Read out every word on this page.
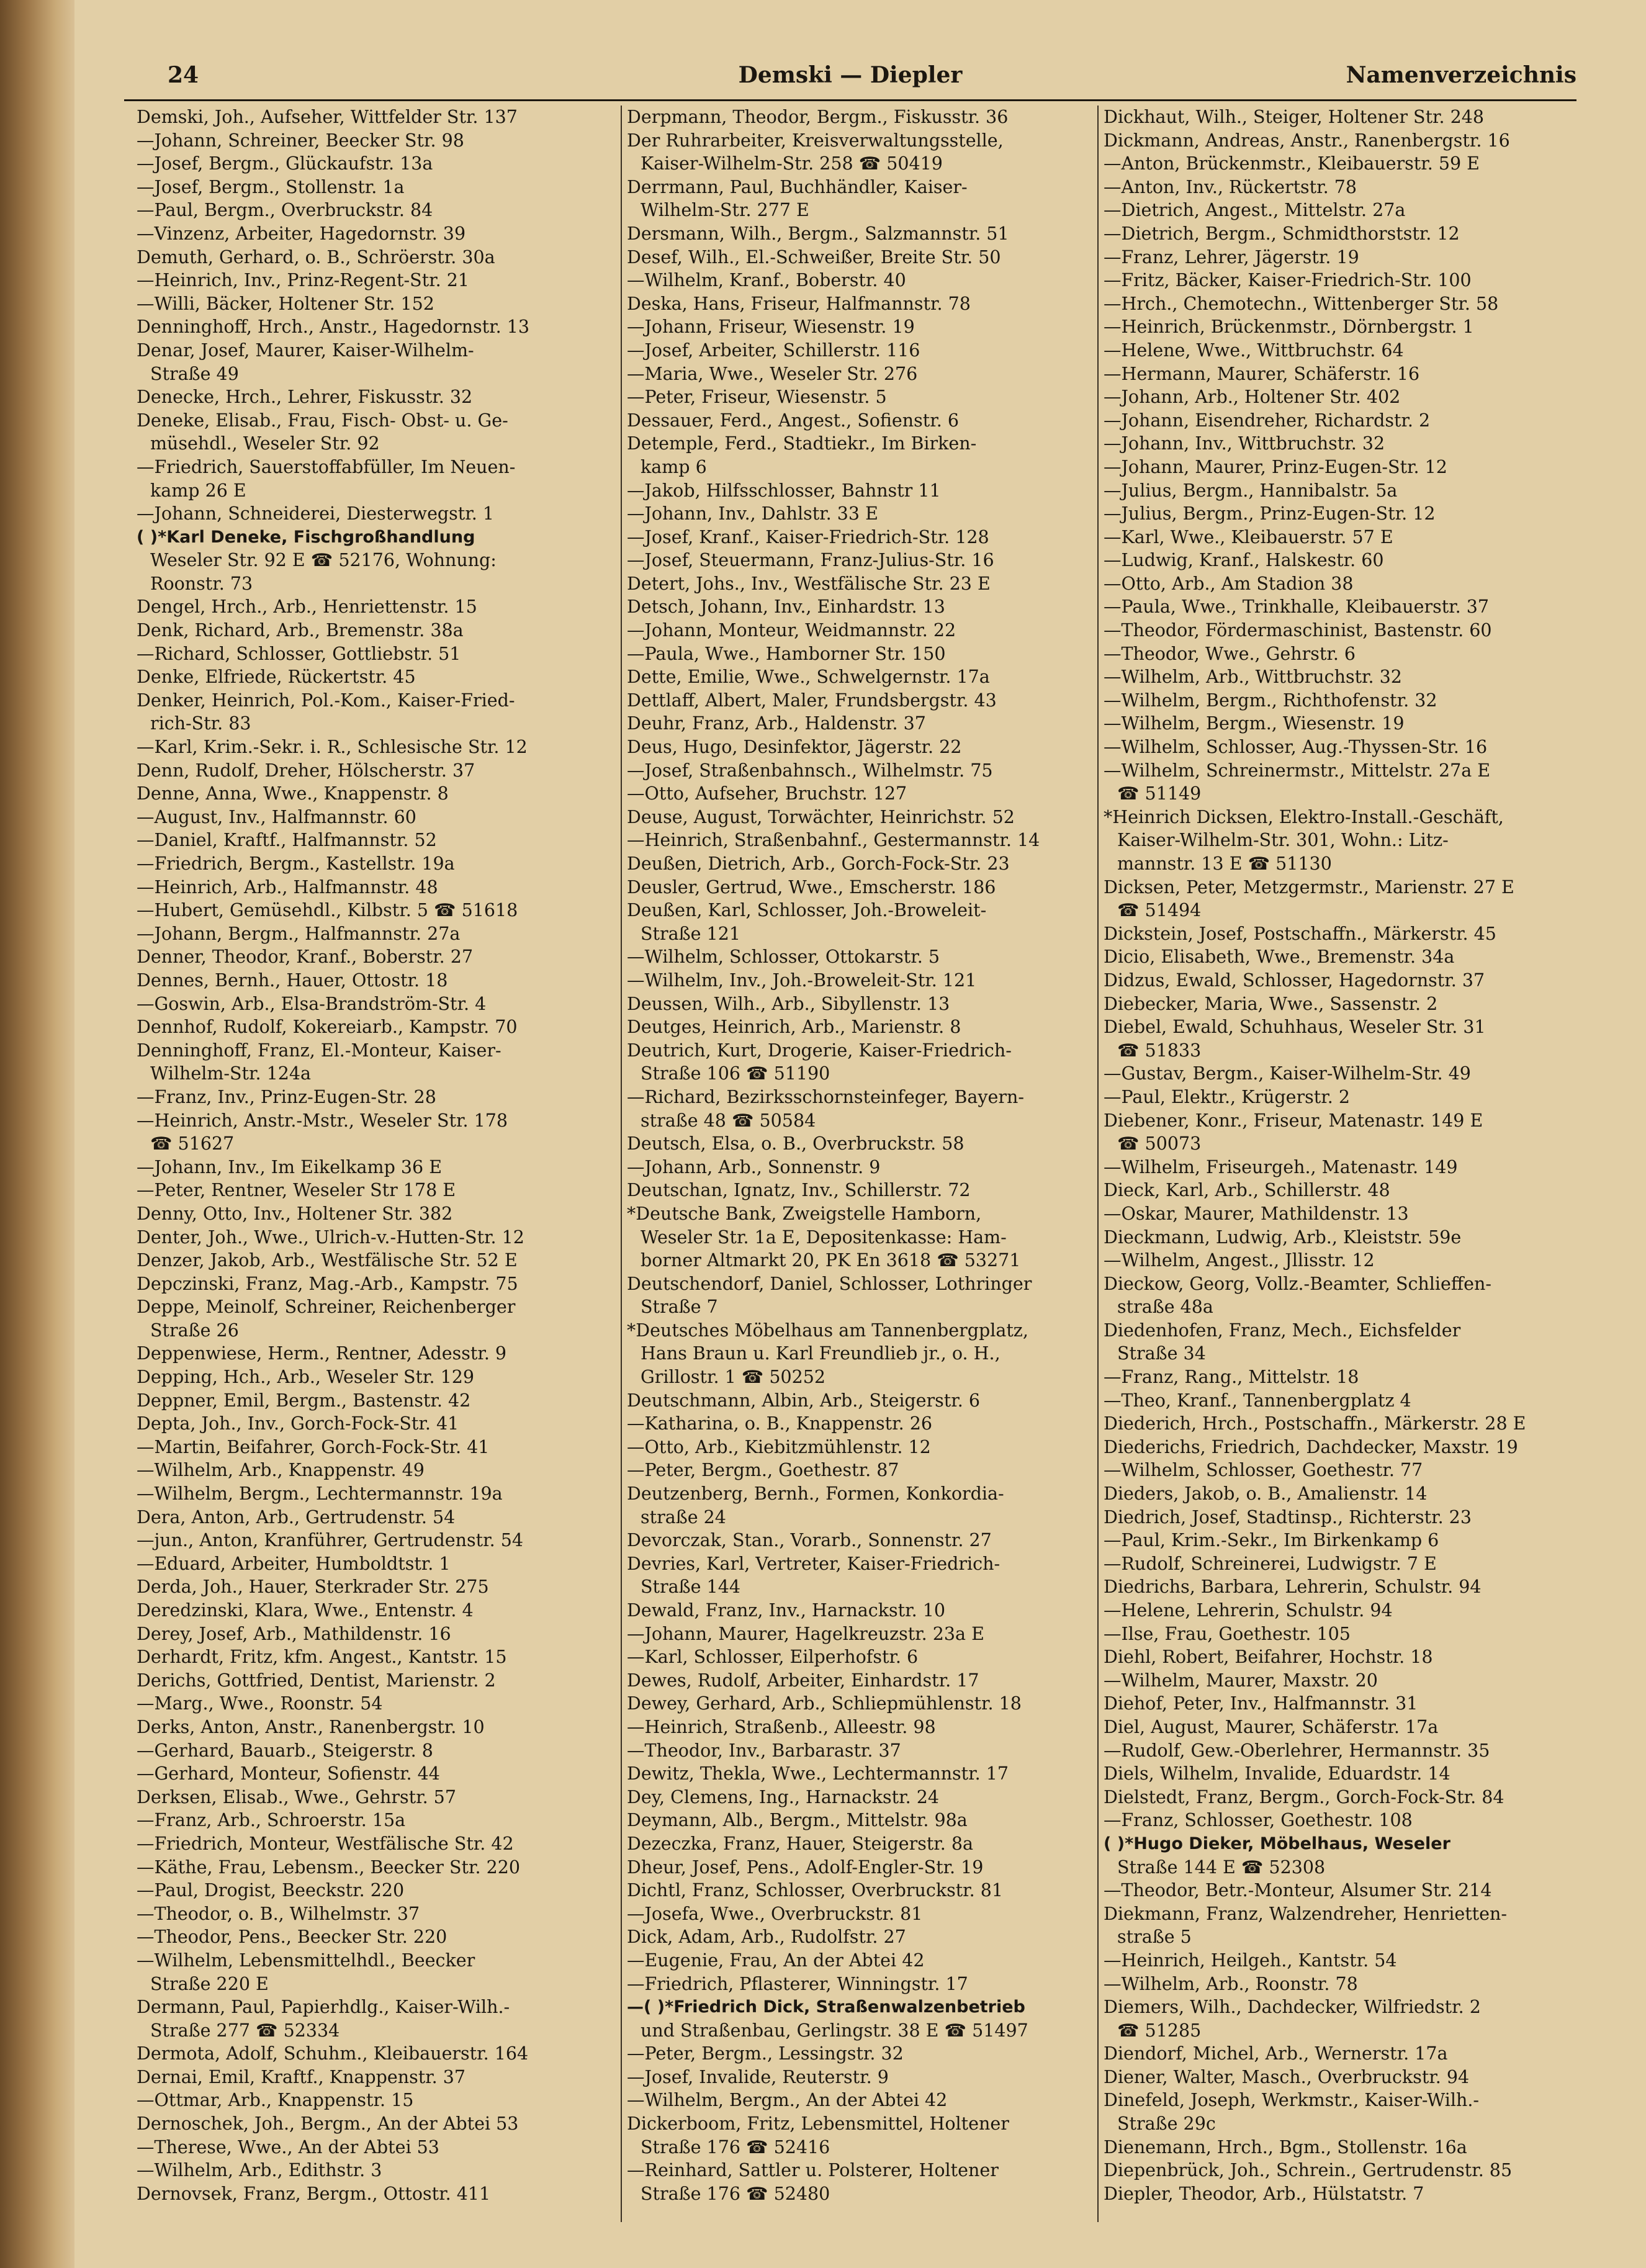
24	Demski — Diepler	Namenverzeichnis
Demski, Joh., Aufseher, Wittfelder Str. 137
—Johann, Schreiner, Beecker Str. 98
—Josef, Bergm., Glückaufstr. 13a
—Josef, Bergm., Stollenstr. 1a
—Paul, Bergm., Overbruckstr. 84
—Vinzenz, Arbeiter, Hagedornstr. 39
Demuth, Gerhard, o. B., Schröerstr. 30a
—Heinrich, Inv., Prinz-Regent-Str. 21
—Willi, Bäcker, Holtener Str. 152
Denninghoff, Hrch., Anstr., Hagedornstr. 13
Denar, Josef, Maurer, Kaiser-Wilhelm-
Straße 49
Denecke, Hrch., Lehrer, Fiskusstr. 32
Deneke, Elisab., Frau, Fisch- Obst- u. Ge-
müsehdl., Weseler Str. 92
—Friedrich, Sauerstoffabfüller, Im Neuen-
kamp 26 E
—Johann, Schneiderei, Diesterwegstr. 1
( )*Karl Deneke, Fischgroßhandlung
Weseler Str. 92 E ☎ 52176, Wohnung:
Roonstr. 73
Dengel, Hrch., Arb., Henriettenstr. 15
Denk, Richard, Arb., Bremenstr. 38a
—Richard, Schlosser, Gottliebstr. 51
Denke, Elfriede, Rückertstr. 45
Denker, Heinrich, Pol.-Kom., Kaiser-Fried-
rich-Str. 83
—Karl, Krim.-Sekr. i. R., Schlesische Str. 12
Denn, Rudolf, Dreher, Hölscherstr. 37
Denne, Anna, Wwe., Knappenstr. 8
—August, Inv., Halfmannstr. 60
—Daniel, Kraftf., Halfmannstr. 52
—Friedrich, Bergm., Kastellstr. 19a
—Heinrich, Arb., Halfmannstr. 48
—Hubert, Gemüsehdl., Kilbstr. 5 ☎ 51618
—Johann, Bergm., Halfmannstr. 27a
Denner, Theodor, Kranf., Boberstr. 27
Dennes, Bernh., Hauer, Ottostr. 18
—Goswin, Arb., Elsa-Brandström-Str. 4
Dennhof, Rudolf, Kokereiarb., Kampstr. 70
Denninghoff, Franz, El.-Monteur, Kaiser-
Wilhelm-Str. 124a
—Franz, Inv., Prinz-Eugen-Str. 28
—Heinrich, Anstr.-Mstr., Weseler Str. 178
☎ 51627
—Johann, Inv., Im Eikelkamp 36 E
—Peter, Rentner, Weseler Str 178 E
Denny, Otto, Inv., Holtener Str. 382
Denter, Joh., Wwe., Ulrich-v.-Hutten-Str. 12
Denzer, Jakob, Arb., Westfälische Str. 52 E
Depczinski, Franz, Mag.-Arb., Kampstr. 75
Deppe, Meinolf, Schreiner, Reichenberger
Straße 26
Deppenwiese, Herm., Rentner, Adesstr. 9
Depping, Hch., Arb., Weseler Str. 129
Deppner, Emil, Bergm., Bastenstr. 42
Depta, Joh., Inv., Gorch-Fock-Str. 41
—Martin, Beifahrer, Gorch-Fock-Str. 41
—Wilhelm, Arb., Knappenstr. 49
—Wilhelm, Bergm., Lechtermannstr. 19a
Dera, Anton, Arb., Gertrudenstr. 54
—jun., Anton, Kranführer, Gertrudenstr. 54
—Eduard, Arbeiter, Humboldtstr. 1
Derda, Joh., Hauer, Sterkrader Str. 275
Deredzinski, Klara, Wwe., Entenstr. 4
Derey, Josef, Arb., Mathildenstr. 16
Derhardt, Fritz, kfm. Angest., Kantstr. 15
Derichs, Gottfried, Dentist, Marienstr. 2
—Marg., Wwe., Roonstr. 54
Derks, Anton, Anstr., Ranenbergstr. 10
—Gerhard, Bauarb., Steigerstr. 8
—Gerhard, Monteur, Sofienstr. 44
Derksen, Elisab., Wwe., Gehrstr. 57
—Franz, Arb., Schroerstr. 15a
—Friedrich, Monteur, Westfälische Str. 42
—Käthe, Frau, Lebensm., Beecker Str. 220
—Paul, Drogist, Beeckstr. 220
—Theodor, o. B., Wilhelmstr. 37
—Theodor, Pens., Beecker Str. 220
—Wilhelm, Lebensmittelhdl., Beecker
Straße 220 E
Dermann, Paul, Papierhdlg., Kaiser-Wilh.-
Straße 277 ☎ 52334
Dermota, Adolf, Schuhm., Kleibauerstr. 164
Dernai, Emil, Kraftf., Knappenstr. 37
—Ottmar, Arb., Knappenstr. 15
Dernoschek, Joh., Bergm., An der Abtei 53
—Therese, Wwe., An der Abtei 53
—Wilhelm, Arb., Edithstr. 3
Dernovsek, Franz, Bergm., Ottostr. 411
Derpmann, Theodor, Bergm., Fiskusstr. 36
Der Ruhrarbeiter, Kreisverwaltungsstelle,
Kaiser-Wilhelm-Str. 258 ☎ 50419
Derrmann, Paul, Buchhändler, Kaiser-
Wilhelm-Str. 277 E
Dersmann, Wilh., Bergm., Salzmannstr. 51
Desef, Wilh., El.-Schweißer, Breite Str. 50
—Wilhelm, Kranf., Boberstr. 40
Deska, Hans, Friseur, Halfmannstr. 78
—Johann, Friseur, Wiesenstr. 19
—Josef, Arbeiter, Schillerstr. 116
—Maria, Wwe., Weseler Str. 276
—Peter, Friseur, Wiesenstr. 5
Dessauer, Ferd., Angest., Sofienstr. 6
Detemple, Ferd., Stadtiekr., Im Birken-
kamp 6
—Jakob, Hilfsschlosser, Bahnstr 11
—Johann, Inv., Dahlstr. 33 E
—Josef, Kranf., Kaiser-Friedrich-Str. 128
—Josef, Steuermann, Franz-Julius-Str. 16
Detert, Johs., Inv., Westfälische Str. 23 E
Detsch, Johann, Inv., Einhardstr. 13
—Johann, Monteur, Weidmannstr. 22
—Paula, Wwe., Hamborner Str. 150
Dette, Emilie, Wwe., Schwelgernstr. 17a
Dettlaff, Albert, Maler, Frundsbergstr. 43
Deuhr, Franz, Arb., Haldenstr. 37
Deus, Hugo, Desinfektor, Jägerstr. 22
—Josef, Straßenbahnsch., Wilhelmstr. 75
—Otto, Aufseher, Bruchstr. 127
Deuse, August, Torwächter, Heinrichstr. 52
—Heinrich, Straßenbahnf., Gestermannstr. 14
Deußen, Dietrich, Arb., Gorch-Fock-Str. 23
Deusler, Gertrud, Wwe., Emscherstr. 186
Deußen, Karl, Schlosser, Joh.-Broweleit-
Straße 121
—Wilhelm, Schlosser, Ottokarstr. 5
—Wilhelm, Inv., Joh.-Broweleit-Str. 121
Deussen, Wilh., Arb., Sibyllenstr. 13
Deutges, Heinrich, Arb., Marienstr. 8
Deutrich, Kurt, Drogerie, Kaiser-Friedrich-
Straße 106 ☎ 51190
—Richard, Bezirksschornsteinfeger, Bayern-
straße 48 ☎ 50584
Deutsch, Elsa, o. B., Overbruckstr. 58
—Johann, Arb., Sonnenstr. 9
Deutschan, Ignatz, Inv., Schillerstr. 72
*Deutsche Bank, Zweigstelle Hamborn,
Weseler Str. 1a E, Depositenkasse: Ham-
borner Altmarkt 20, PK En 3618 ☎ 53271
Deutschendorf, Daniel, Schlosser, Lothringer
Straße 7
*Deutsches Möbelhaus am Tannenbergplatz,
Hans Braun u. Karl Freundlieb jr., o. H.,
Grillostr. 1 ☎ 50252
Deutschmann, Albin, Arb., Steigerstr. 6
—Katharina, o. B., Knappenstr. 26
—Otto, Arb., Kiebitzmühlenstr. 12
—Peter, Bergm., Goethestr. 87
Deutzenberg, Bernh., Formen, Konkordia-
straße 24
Devorczak, Stan., Vorarb., Sonnenstr. 27
Devries, Karl, Vertreter, Kaiser-Friedrich-
Straße 144
Dewald, Franz, Inv., Harnackstr. 10
—Johann, Maurer, Hagelkreuzstr. 23a E
—Karl, Schlosser, Eilperhofstr. 6
Dewes, Rudolf, Arbeiter, Einhardstr. 17
Dewey, Gerhard, Arb., Schliepmühlenstr. 18
—Heinrich, Straßenb., Alleestr. 98
—Theodor, Inv., Barbarastr. 37
Dewitz, Thekla, Wwe., Lechtermannstr. 17
Dey, Clemens, Ing., Harnackstr. 24
Deymann, Alb., Bergm., Mittelstr. 98a
Dezeczka, Franz, Hauer, Steigerstr. 8a
Dheur, Josef, Pens., Adolf-Engler-Str. 19
Dichtl, Franz, Schlosser, Overbruckstr. 81
—Josefa, Wwe., Overbruckstr. 81
Dick, Adam, Arb., Rudolfstr. 27
—Eugenie, Frau, An der Abtei 42
—Friedrich, Pflasterer, Winningstr. 17
—( )*Friedrich Dick, Straßenwalzenbetrieb
und Straßenbau, Gerlingstr. 38 E ☎ 51497
—Peter, Bergm., Lessingstr. 32
—Josef, Invalide, Reuterstr. 9
—Wilhelm, Bergm., An der Abtei 42
Dickerboom, Fritz, Lebensmittel, Holtener
Straße 176 ☎ 52416
—Reinhard, Sattler u. Polsterer, Holtener
Straße 176 ☎ 52480
Dickhaut, Wilh., Steiger, Holtener Str. 248
Dickmann, Andreas, Anstr., Ranenbergstr. 16
—Anton, Brückenmstr., Kleibauerstr. 59 E
—Anton, Inv., Rückertstr. 78
—Dietrich, Angest., Mittelstr. 27a
—Dietrich, Bergm., Schmidthorststr. 12
—Franz, Lehrer, Jägerstr. 19
—Fritz, Bäcker, Kaiser-Friedrich-Str. 100
—Hrch., Chemotechn., Wittenberger Str. 58
—Heinrich, Brückenmstr., Dörnbergstr. 1
—Helene, Wwe., Wittbruchstr. 64
—Hermann, Maurer, Schäferstr. 16
—Johann, Arb., Holtener Str. 402
—Johann, Eisendreher, Richardstr. 2
—Johann, Inv., Wittbruchstr. 32
—Johann, Maurer, Prinz-Eugen-Str. 12
—Julius, Bergm., Hannibalstr. 5a
—Julius, Bergm., Prinz-Eugen-Str. 12
—Karl, Wwe., Kleibauerstr. 57 E
—Ludwig, Kranf., Halskestr. 60
—Otto, Arb., Am Stadion 38
—Paula, Wwe., Trinkhalle, Kleibauerstr. 37
—Theodor, Fördermaschinist, Bastenstr. 60
—Theodor, Wwe., Gehrstr. 6
—Wilhelm, Arb., Wittbruchstr. 32
—Wilhelm, Bergm., Richthofenstr. 32
—Wilhelm, Bergm., Wiesenstr. 19
—Wilhelm, Schlosser, Aug.-Thyssen-Str. 16
—Wilhelm, Schreinermstr., Mittelstr. 27a E
☎ 51149
*Heinrich Dicksen, Elektro-Install.-Geschäft,
Kaiser-Wilhelm-Str. 301, Wohn.: Litz-
mannstr. 13 E ☎ 51130
Dicksen, Peter, Metzgermstr., Marienstr. 27 E
☎ 51494
Dickstein, Josef, Postschaffn., Märkerstr. 45
Dicio, Elisabeth, Wwe., Bremenstr. 34a
Didzus, Ewald, Schlosser, Hagedornstr. 37
Diebecker, Maria, Wwe., Sassenstr. 2
Diebel, Ewald, Schuhhaus, Weseler Str. 31
☎ 51833
—Gustav, Bergm., Kaiser-Wilhelm-Str. 49
—Paul, Elektr., Krügerstr. 2
Diebener, Konr., Friseur, Matenastr. 149 E
☎ 50073
—Wilhelm, Friseurgeh., Matenastr. 149
Dieck, Karl, Arb., Schillerstr. 48
—Oskar, Maurer, Mathildenstr. 13
Dieckmann, Ludwig, Arb., Kleiststr. 59e
—Wilhelm, Angest., Jllisstr. 12
Dieckow, Georg, Vollz.-Beamter, Schlieffen-
straße 48a
Diedenhofen, Franz, Mech., Eichsfelder
Straße 34
—Franz, Rang., Mittelstr. 18
—Theo, Kranf., Tannenbergplatz 4
Diederich, Hrch., Postschaffn., Märkerstr. 28 E
Diederichs, Friedrich, Dachdecker, Maxstr. 19
—Wilhelm, Schlosser, Goethestr. 77
Dieders, Jakob, o. B., Amalienstr. 14
Diedrich, Josef, Stadtinsp., Richterstr. 23
—Paul, Krim.-Sekr., Im Birkenkamp 6
—Rudolf, Schreinerei, Ludwigstr. 7 E
Diedrichs, Barbara, Lehrerin, Schulstr. 94
—Helene, Lehrerin, Schulstr. 94
—Ilse, Frau, Goethestr. 105
Diehl, Robert, Beifahrer, Hochstr. 18
—Wilhelm, Maurer, Maxstr. 20
Diehof, Peter, Inv., Halfmannstr. 31
Diel, August, Maurer, Schäferstr. 17a
—Rudolf, Gew.-Oberlehrer, Hermannstr. 35
Diels, Wilhelm, Invalide, Eduardstr. 14
Dielstedt, Franz, Bergm., Gorch-Fock-Str. 84
—Franz, Schlosser, Goethestr. 108
( )*Hugo Dieker, Möbelhaus, Weseler
Straße 144 E ☎ 52308
—Theodor, Betr.-Monteur, Alsumer Str. 214
Diekmann, Franz, Walzendreher, Henrietten-
straße 5
—Heinrich, Heilgeh., Kantstr. 54
—Wilhelm, Arb., Roonstr. 78
Diemers, Wilh., Dachdecker, Wilfriedstr. 2
☎ 51285
Diendorf, Michel, Arb., Wernerstr. 17a
Diener, Walter, Masch., Overbruckstr. 94
Dinefeld, Joseph, Werkmstr., Kaiser-Wilh.-
Straße 29c
Dienemann, Hrch., Bgm., Stollenstr. 16a
Diepenbrück, Joh., Schrein., Gertrudenstr. 85
Diepler, Theodor, Arb., Hülstatstr. 7
